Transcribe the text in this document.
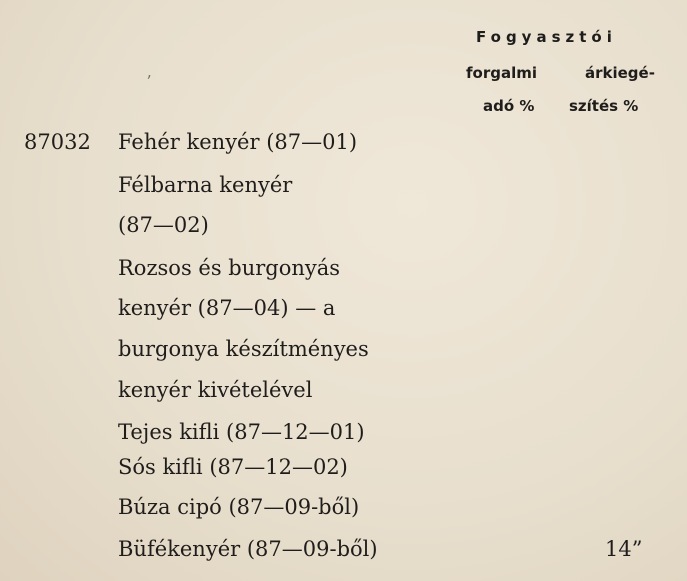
ʼ
Fogyasztói
forgalmi
adó %
árkiegé-
szítés %
87032 Fehér kenyér (87—01)
Félbarna kenyér
(87—02)
Rozsos és burgonyás
kenyér (87—04) — a
burgonya készítményes
kenyér kivételével
Tejes kifli (87—12—01)
Sós kifli (87—12—02)
Búza cipó (87—09-ből)
Büfékenyér (87—09-ből)	14”
